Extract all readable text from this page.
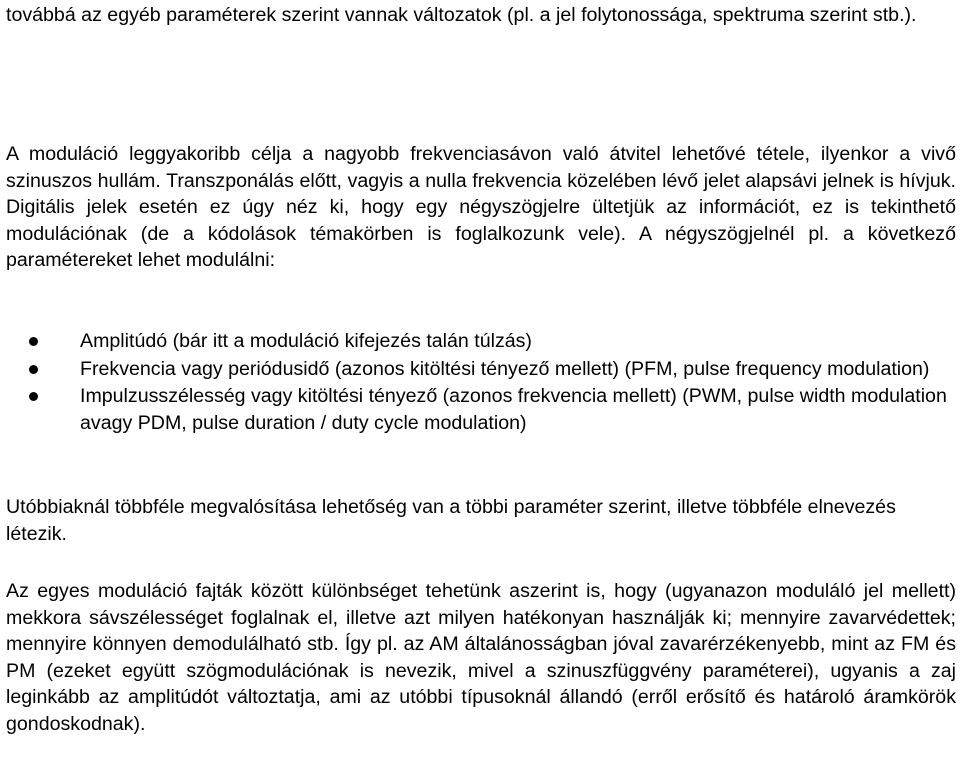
továbbá az egyéb paraméterek szerint vannak változatok (pl. a jel folytonossága, spektruma szerint stb.).

A moduláció leggyakoribb célja a nagyobb frekvenciasávon való átvitel lehetővé tétele, ilyenkor a vivő szinuszos hullám. Transzponálás előtt, vagyis a nulla frekvencia közelében lévő jelet alapsávi jelnek is hívjuk. Digitális jelek esetén ez úgy néz ki, hogy egy négyszögjelre ültetjük az információt, ez is tekinthető modulációnak (de a kódolások témakörben is foglalkozunk vele). A négyszögjelnél pl. a következő paramétereket lehet modulálni:

Amplitúdó (bár itt a moduláció kifejezés talán túlzás)
Frekvencia vagy periódusidő (azonos kitöltési tényező mellett) (PFM, pulse frequency modulation)
Impulzusszélesség vagy kitöltési tényező (azonos frekvencia mellett) (PWM, pulse width modulation avagy PDM, pulse duration / duty cycle modulation)

Utóbbiaknál többféle megvalósítása lehetőség van a többi paraméter szerint, illetve többféle elnevezés létezik.

Az egyes moduláció fajták között különbséget tehetünk aszerint is, hogy (ugyanazon moduláló jel mellett) mekkora sávszélességet foglalnak el, illetve azt milyen hatékonyan használják ki; mennyire zavarvédettek; mennyire könnyen demodulálható stb. Így pl. az AM általánosságban jóval zavarérzékenyebb, mint az FM és PM (ezeket együtt szögmodulációnak is nevezik, mivel a szinuszfüggvény paraméterei), ugyanis a zaj leginkább az amplitúdót változtatja, ami az utóbbi típusoknál állandó (erről erősítő és határoló áramkörök gondoskodnak).
